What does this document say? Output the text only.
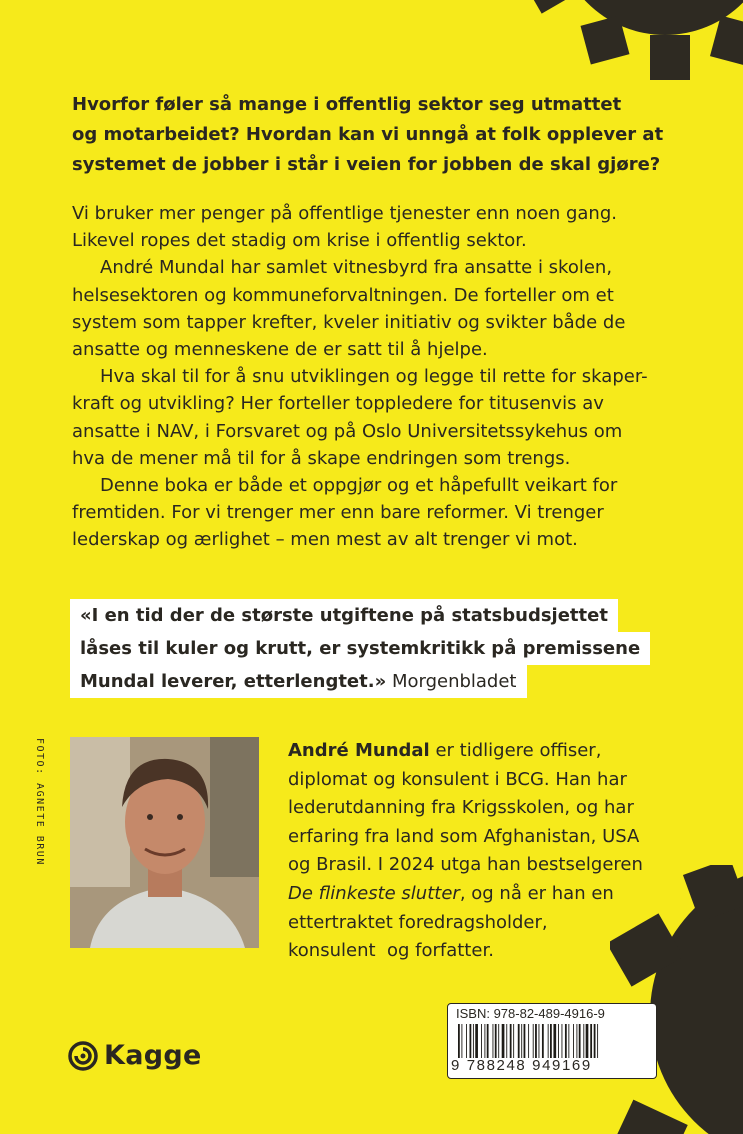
Hvorfor føler så mange i offentlig sektor seg utmattet
og motarbeidet? Hvordan kan vi unngå at folk opplever at
systemet de jobber i står i veien for jobben de skal gjøre?

Vi bruker mer penger på offentlige tjenester enn noen gang.
Likevel ropes det stadig om krise i offentlig sektor.

André Mundal har samlet vitnesbyrd fra ansatte i skolen,
helsesektoren og kommuneforvaltningen. De forteller om et
system som tapper krefter, kveler initiativ og svikter både de
ansatte og menneskene de er satt til å hjelpe.

Hva skal til for å snu utviklingen og legge til rette for skaper-
kraft og utvikling? Her forteller toppledere for titusenvis av
ansatte i NAV, i Forsvaret og på Oslo Universitetssykehus om
hva de mener må til for å skape endringen som trengs.

Denne boka er både et oppgjør og et håpefullt veikart for
fremtiden. For vi trenger mer enn bare reformer. Vi trenger
lederskap og ærlighet – men mest av alt trenger vi mot.

«I en tid der de største utgiftene på statsbudsjettet
låses til kuler og krutt, er systemkritikk på premissene
Mundal leverer, etterlengtet.» Morgenbladet
FOTO: AGNETE BRUN	André Mundal er tidligere offiser,
diplomat og konsulent i BCG. Han har
lederutdanning fra Krigsskolen, og har
erfaring fra land som Afghanistan, USA
og Brasil. I 2024 utga han bestselgeren
De flinkeste slutter, og nå er han en
ettertraktet foredragsholder,
konsulent  og forfatter.
ISBN: 978-82-489-4916-9
9 788248 949169
Kagge
